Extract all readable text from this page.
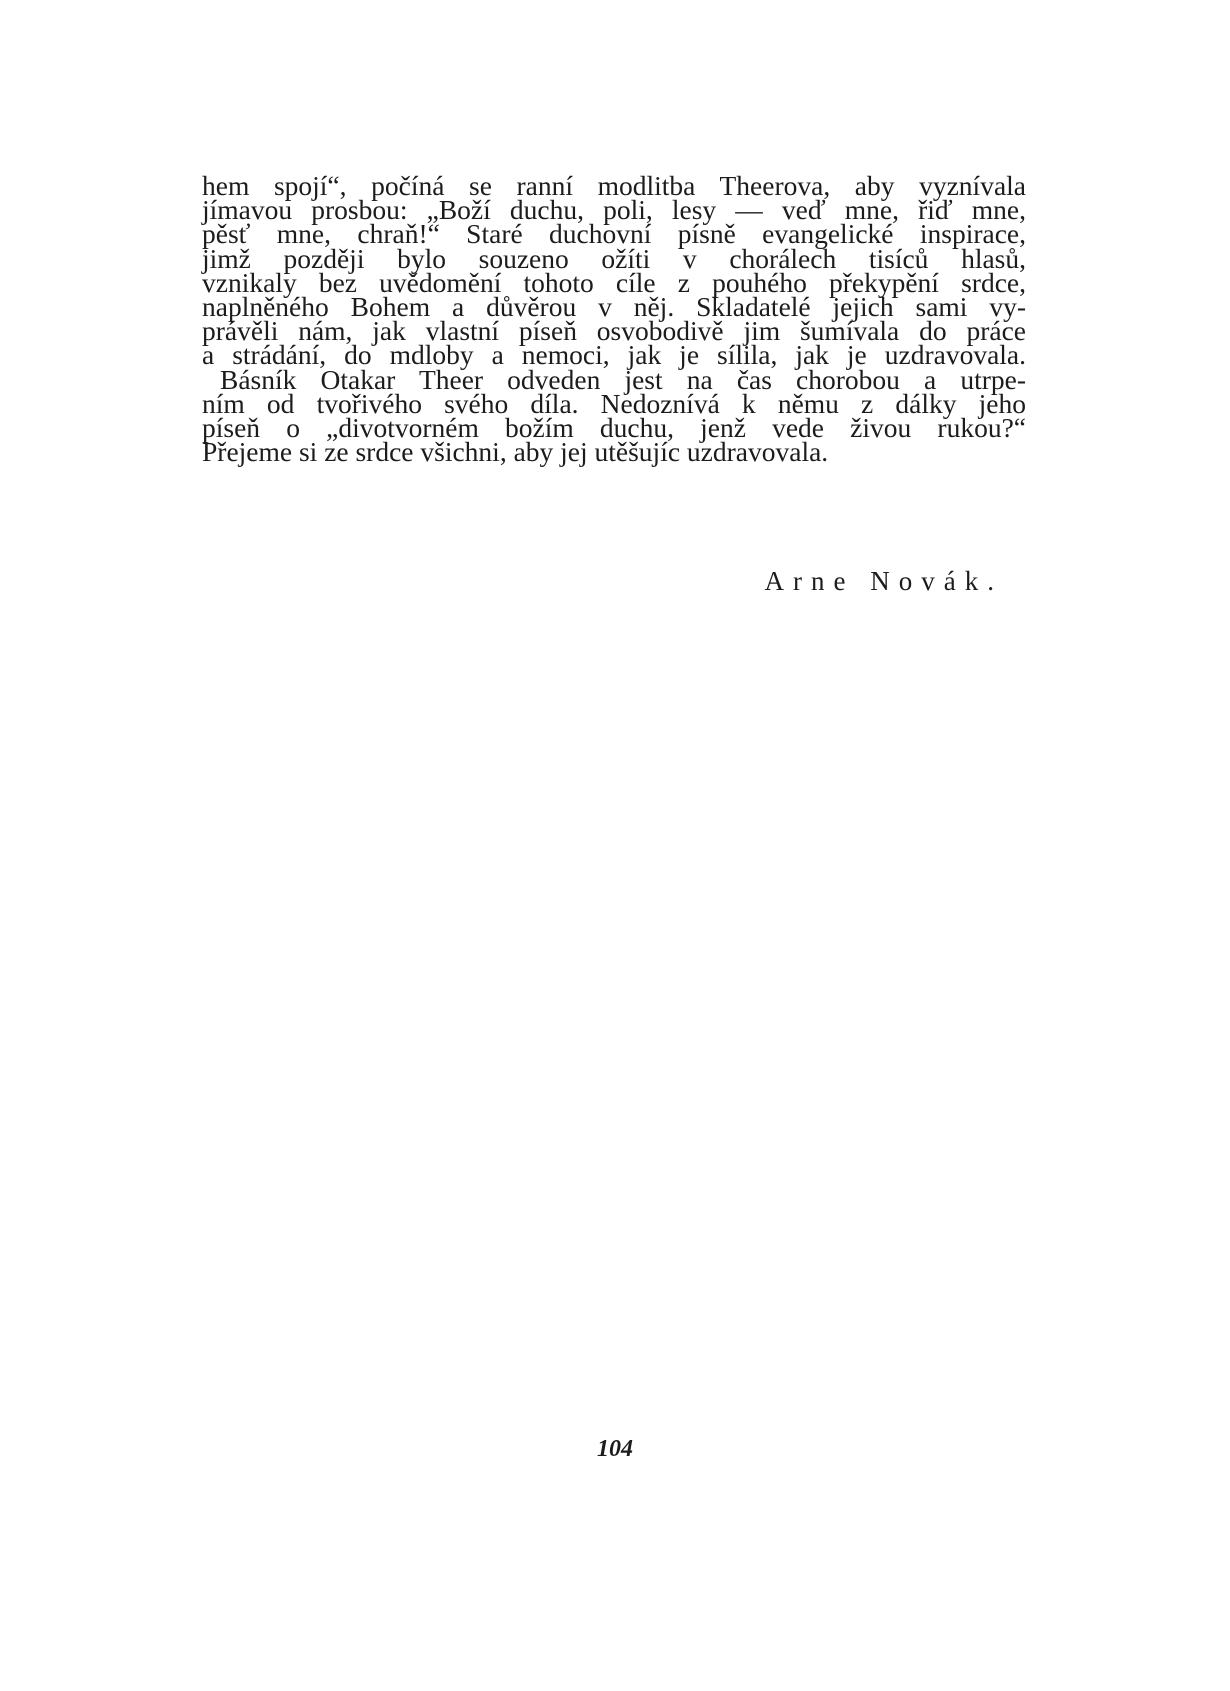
hem spojí“, počíná se ranní modlitba Theerova, aby vyznívala
jímavou prosbou: „Boží duchu, poli, lesy — veď mne, řiď mne,
pěsť mne, chraň!“ Staré duchovní písně evangelické inspirace,
jimž později bylo souzeno ožíti v chorálech tisíců hlasů,
vznikaly bez uvědomění tohoto cíle z pouhého překypění srdce,
naplněného Bohem a důvěrou v něj. Skladatelé jejich sami vy-
právěli nám, jak vlastní píseň osvobodivě jim šumívala do práce
a strádání, do mdloby a nemoci, jak je sílila, jak je uzdravovala.
Básník Otakar Theer odveden jest na čas chorobou a utrpe-
ním od tvořivého svého díla. Nedoznívá k němu z dálky jeho
píseň o „divotvorném božím duchu, jenž vede živou rukou?“
Přejeme si ze srdce všichni, aby jej utěšujíc uzdravovala.
Arne Novák.
104
